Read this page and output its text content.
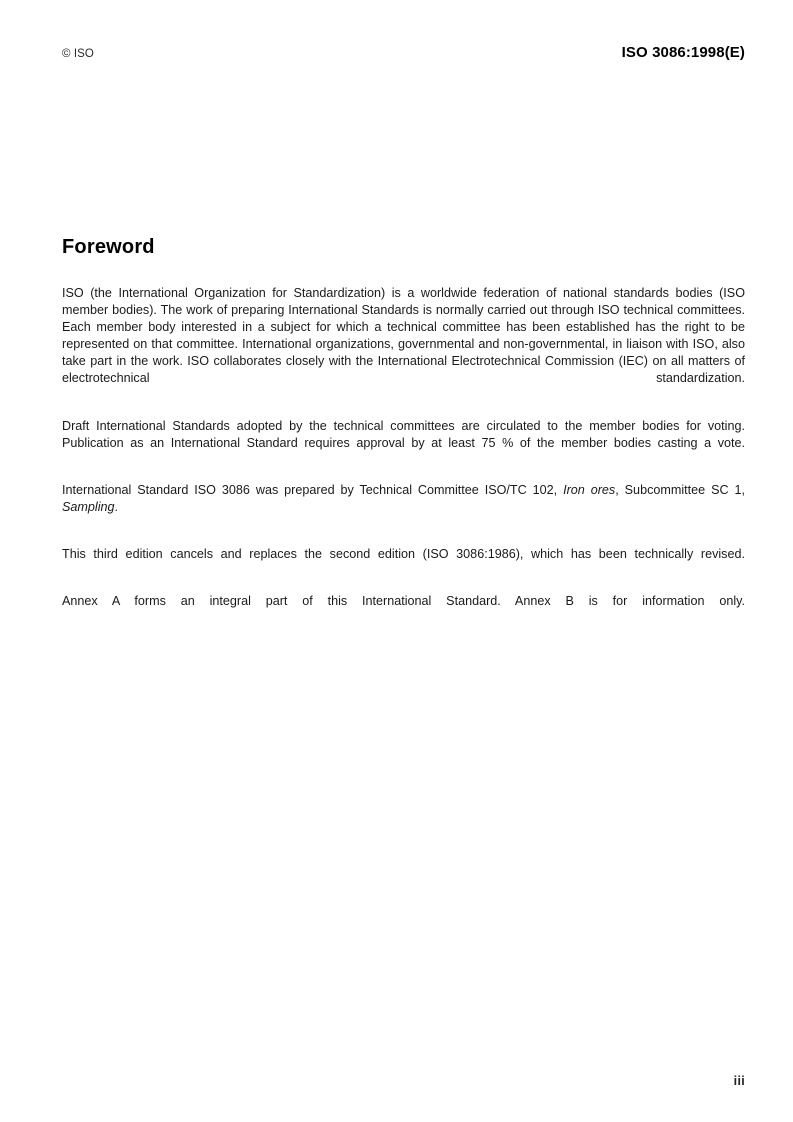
© ISO	ISO 3086:1998(E)
Foreword

ISO (the International Organization for Standardization) is a worldwide federation of national standards bodies (ISO member bodies). The work of preparing International Standards is normally carried out through ISO technical committees. Each member body interested in a subject for which a technical committee has been established has the right to be represented on that committee. International organizations, governmental and non-governmental, in liaison with ISO, also take part in the work. ISO collaborates closely with the International Electrotechnical Commission (IEC) on all matters of electrotechnical standardization.

Draft International Standards adopted by the technical committees are circulated to the member bodies for voting. Publication as an International Standard requires approval by at least 75 % of the member bodies casting a vote.

International Standard ISO 3086 was prepared by Technical Committee ISO/TC 102, Iron ores, Subcommittee SC 1, Sampling.

This third edition cancels and replaces the second edition (ISO 3086:1986), which has been technically revised.

Annex A forms an integral part of this International Standard. Annex B is for information only.

iii
